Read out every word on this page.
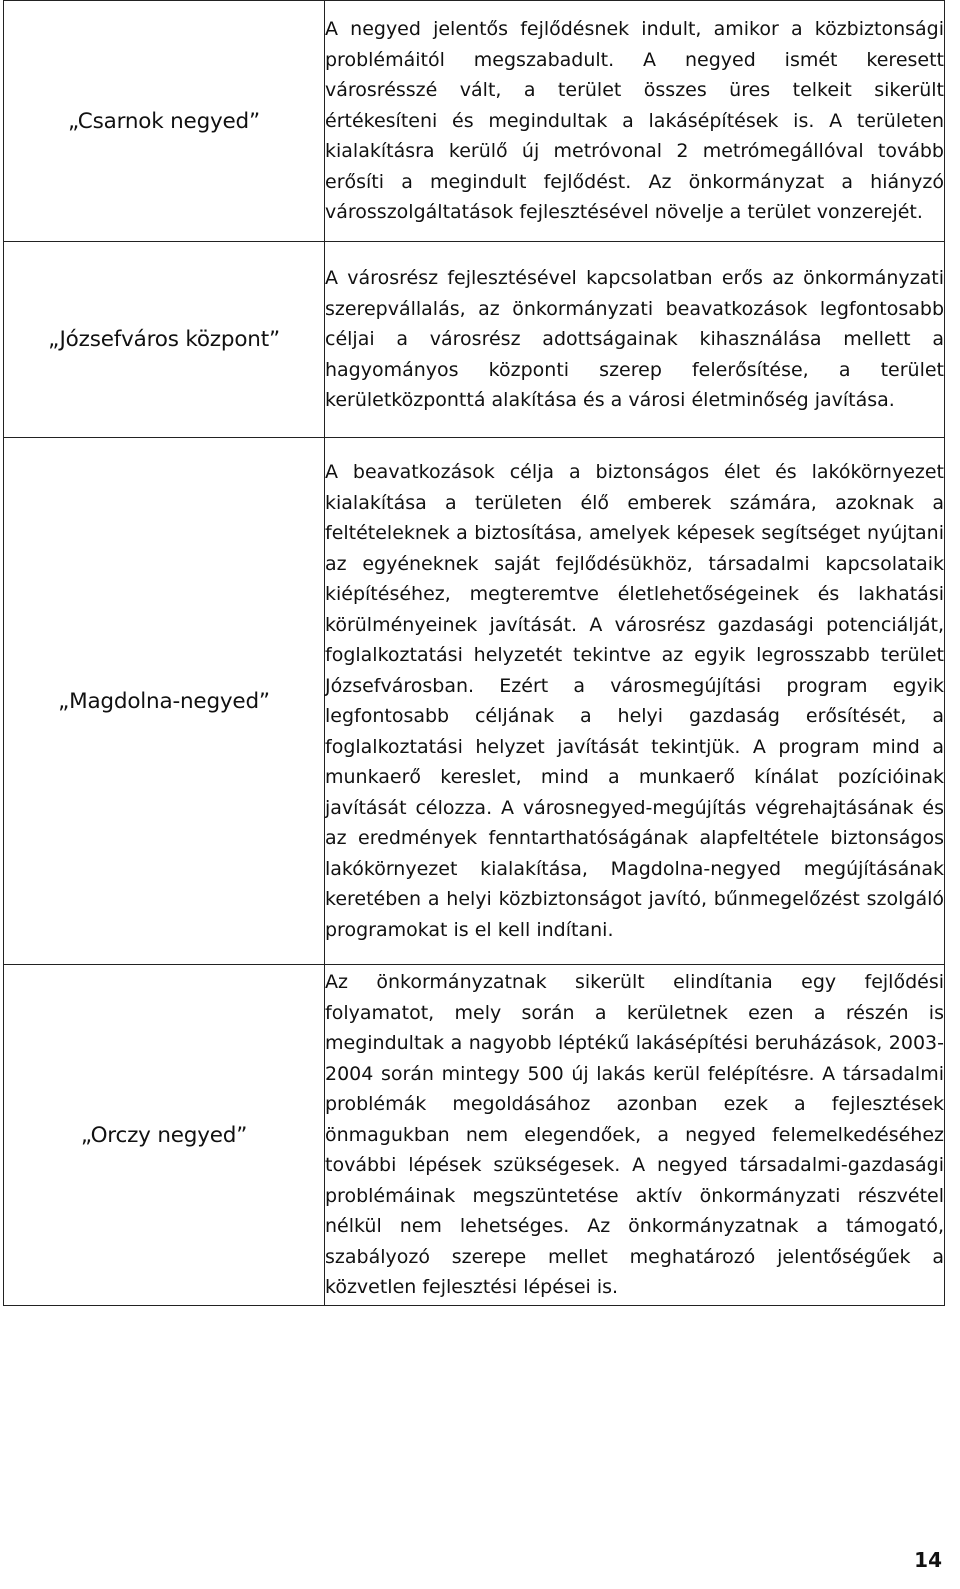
„Csarnok negyed”	A negyed jelentős fejlődésnek indult, amikor a közbiztonsági problémáitól megszabadult. A negyed ismét keresett városrésszé vált, a terület összes üres telkeit sikerült értékesíteni és megindultak a lakásépítések is. A területen kialakításra kerülő új metróvonal 2 metrómegállóval tovább erősíti a megindult fejlődést. Az önkormányzat a hiányzó városszolgáltatások fejlesztésével növelje a terület vonzerejét.
„Józsefváros központ”	A városrész fejlesztésével kapcsolatban erős az önkormányzati szerepvállalás, az önkormányzati beavatkozások legfontosabb céljai a városrész adottságainak kihasználása mellett a hagyományos központi szerep felerősítése, a terület kerületközponttá alakítása és a városi életminőség javítása.
„Magdolna-negyed”	A beavatkozások célja a biztonságos élet és lakókörnyezet kialakítása a területen élő emberek számára, azoknak a feltételeknek a biztosítása, amelyek képesek segítséget nyújtani az egyéneknek saját fejlődésükhöz, társadalmi kapcsolataik kiépítéséhez, megteremtve életlehetőségeinek és lakhatási körülményeinek javítását. A városrész gazdasági potenciálját, foglalkoztatási helyzetét tekintve az egyik legrosszabb terület Józsefvárosban. Ezért a városmegújítási program egyik legfontosabb céljának a helyi gazdaság erősítését, a foglalkoztatási helyzet javítását tekintjük. A program mind a munkaerő kereslet, mind a munkaerő kínálat pozícióinak javítását célozza. A városnegyed-megújítás végrehajtásának és az eredmények fenntarthatóságának alapfeltétele biztonságos lakókörnyezet kialakítása, Magdolna-negyed megújításának keretében a helyi közbiztonságot javító, bűnmegelőzést szolgáló programokat is el kell indítani.
„Orczy negyed”	Az önkormányzatnak sikerült elindítania egy fejlődési folyamatot, mely során a kerületnek ezen a részén is megindultak a nagyobb léptékű lakásépítési beruházások, 2003-2004 során mintegy 500 új lakás kerül felépítésre. A társadalmi problémák megoldásához azonban ezek a fejlesztések önmagukban nem elegendőek, a negyed felemelkedéséhez további lépések szükségesek. A negyed társadalmi-gazdasági problémáinak megszüntetése aktív önkormányzati részvétel nélkül nem lehetséges. Az önkormányzatnak a támogató, szabályozó szerepe mellet meghatározó jelentőségűek a közvetlen fejlesztési lépései is.
14
